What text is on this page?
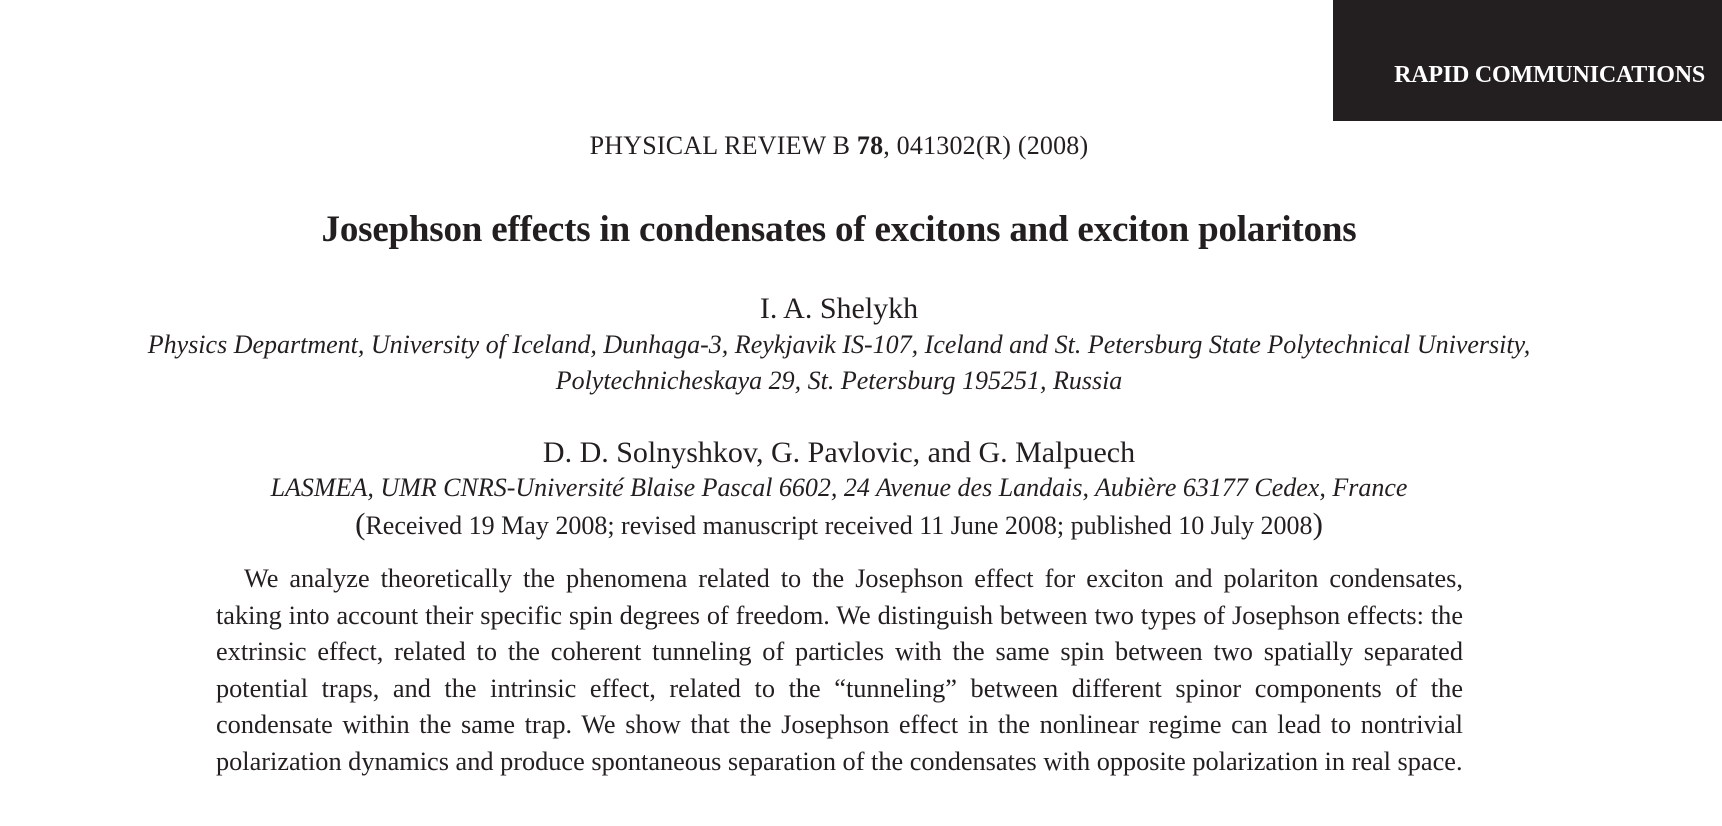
RAPID COMMUNICATIONS
PHYSICAL REVIEW B 78, 041302(R) (2008)
Josephson effects in condensates of excitons and exciton polaritons
I. A. Shelykh
Physics Department, University of Iceland, Dunhaga-3, Reykjavik IS-107, Iceland and St. Petersburg State Polytechnical University,
Polytechnicheskaya 29, St. Petersburg 195251, Russia
D. D. Solnyshkov, G. Pavlovic, and G. Malpuech
LASMEA, UMR CNRS-Université Blaise Pascal 6602, 24 Avenue des Landais, Aubière 63177 Cedex, France
(Received 19 May 2008; revised manuscript received 11 June 2008; published 10 July 2008)

We analyze theoretically the phenomena related to the Josephson effect for exciton and polariton condensates, taking into account their specific spin degrees of freedom. We distinguish between two types of Josephson effects: the extrinsic effect, related to the coherent tunneling of particles with the same spin between two spatially separated potential traps, and the intrinsic effect, related to the “tunneling” between different spinor components of the condensate within the same trap. We show that the Josephson effect in the nonlinear regime can lead to nontrivial polarization dynamics and produce spontaneous separation of the condensates with opposite polarization in real space.
